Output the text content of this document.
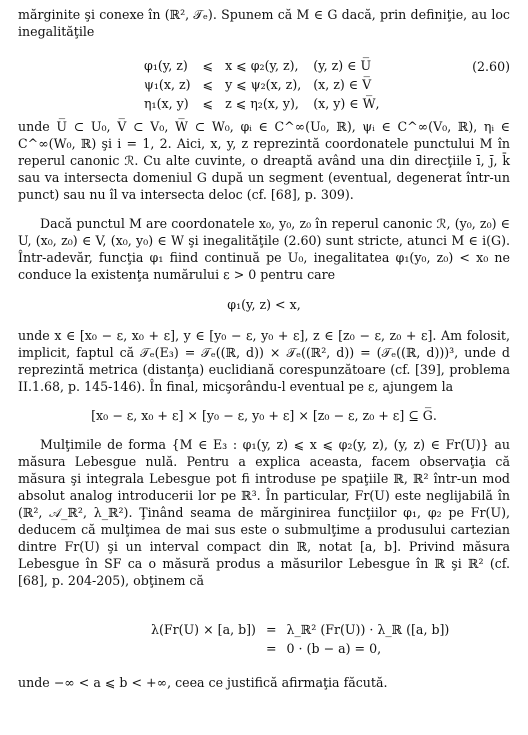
mărginite şi conexe în (ℝ², 𝒯ₑ). Spunem că M ∈ G dacă, prin definiţie, au loc inegalităţile

φ₁(y, z)	⩽	x ⩽ φ₂(y, z),	(y, z) ∈ U̅
ψ₁(x, z)	⩽	y ⩽ ψ₂(x, z),	(x, z) ∈ V̅
η₁(x, y)	⩽	z ⩽ η₂(x, y),	(x, y) ∈ W̅,
(2.60)

unde U̅ ⊂ U₀, V̅ ⊂ V₀, W̅ ⊂ W₀, φᵢ ∈ C^∞(U₀, ℝ), ψᵢ ∈ C^∞(V₀, ℝ), ηᵢ ∈ C^∞(W₀, ℝ) şi i = 1, 2. Aici, x, y, z reprezintă coordonatele punctului M în reperul canonic ℛ. Cu alte cuvinte, o dreaptă având una din direcţiile ī, j̄, k̄ sau va intersecta domeniul G după un segment (eventual, degenerat într-un punct) sau nu îl va intersecta deloc (cf. [68], p. 309).

Dacă punctul M are coordonatele x₀, y₀, z₀ în reperul canonic ℛ, (y₀, z₀) ∈ U, (x₀, z₀) ∈ V, (x₀, y₀) ∈ W şi inegalităţile (2.60) sunt stricte, atunci M ∈ i(G). Într-adevăr, funcţia φ₁ fiind continuă pe U₀, inegalitatea φ₁(y₀, z₀) < x₀ ne conduce la existenţa numărului ε > 0 pentru care

φ₁(y, z) < x,

unde x ∈ [x₀ − ε, x₀ + ε], y ∈ [y₀ − ε, y₀ + ε], z ∈ [z₀ − ε, z₀ + ε]. Am folosit, implicit, faptul că 𝒯ₑ(E₃) = 𝒯ₑ((ℝ, d)) × 𝒯ₑ((ℝ², d)) = (𝒯ₑ((ℝ, d)))³, unde d reprezintă metrica (distanţa) euclidiană corespunzătoare (cf. [39], problema II.1.68, p. 145-146). În final, micşorându-l eventual pe ε, ajungem la

[x₀ − ε, x₀ + ε] × [y₀ − ε, y₀ + ε] × [z₀ − ε, z₀ + ε] ⊆ G̅.

Mulţimile de forma {M ∈ E₃ : φ₁(y, z) ⩽ x ⩽ φ₂(y, z), (y, z) ∈ Fr(U)} au măsura Lebesgue nulă. Pentru a explica aceasta, facem observaţia că măsura şi integrala Lebesgue pot fi introduse pe spaţiile ℝ, ℝ² într-un mod absolut analog introducerii lor pe ℝ³. În particular, Fr(U) este neglijabilă în (ℝ², 𝒜_ℝ², λ_ℝ²). Ţinând seama de mărginirea funcţiilor φ₁, φ₂ pe Fr(U), deducem că mulţimea de mai sus este o submulţime a produsului cartezian dintre Fr(U) şi un interval compact din ℝ, notat [a, b]. Privind măsura Lebesgue în SF ca o măsură produs a măsurilor Lebesgue în ℝ şi ℝ² (cf. [68], p. 204-205), obţinem că

λ(Fr(U) × [a, b])	=	λ_ℝ² (Fr(U)) · λ_ℝ ([a, b])
	=	0 · (b − a) = 0,

unde −∞ < a ⩽ b < +∞, ceea ce justifică afirmaţia făcută.
